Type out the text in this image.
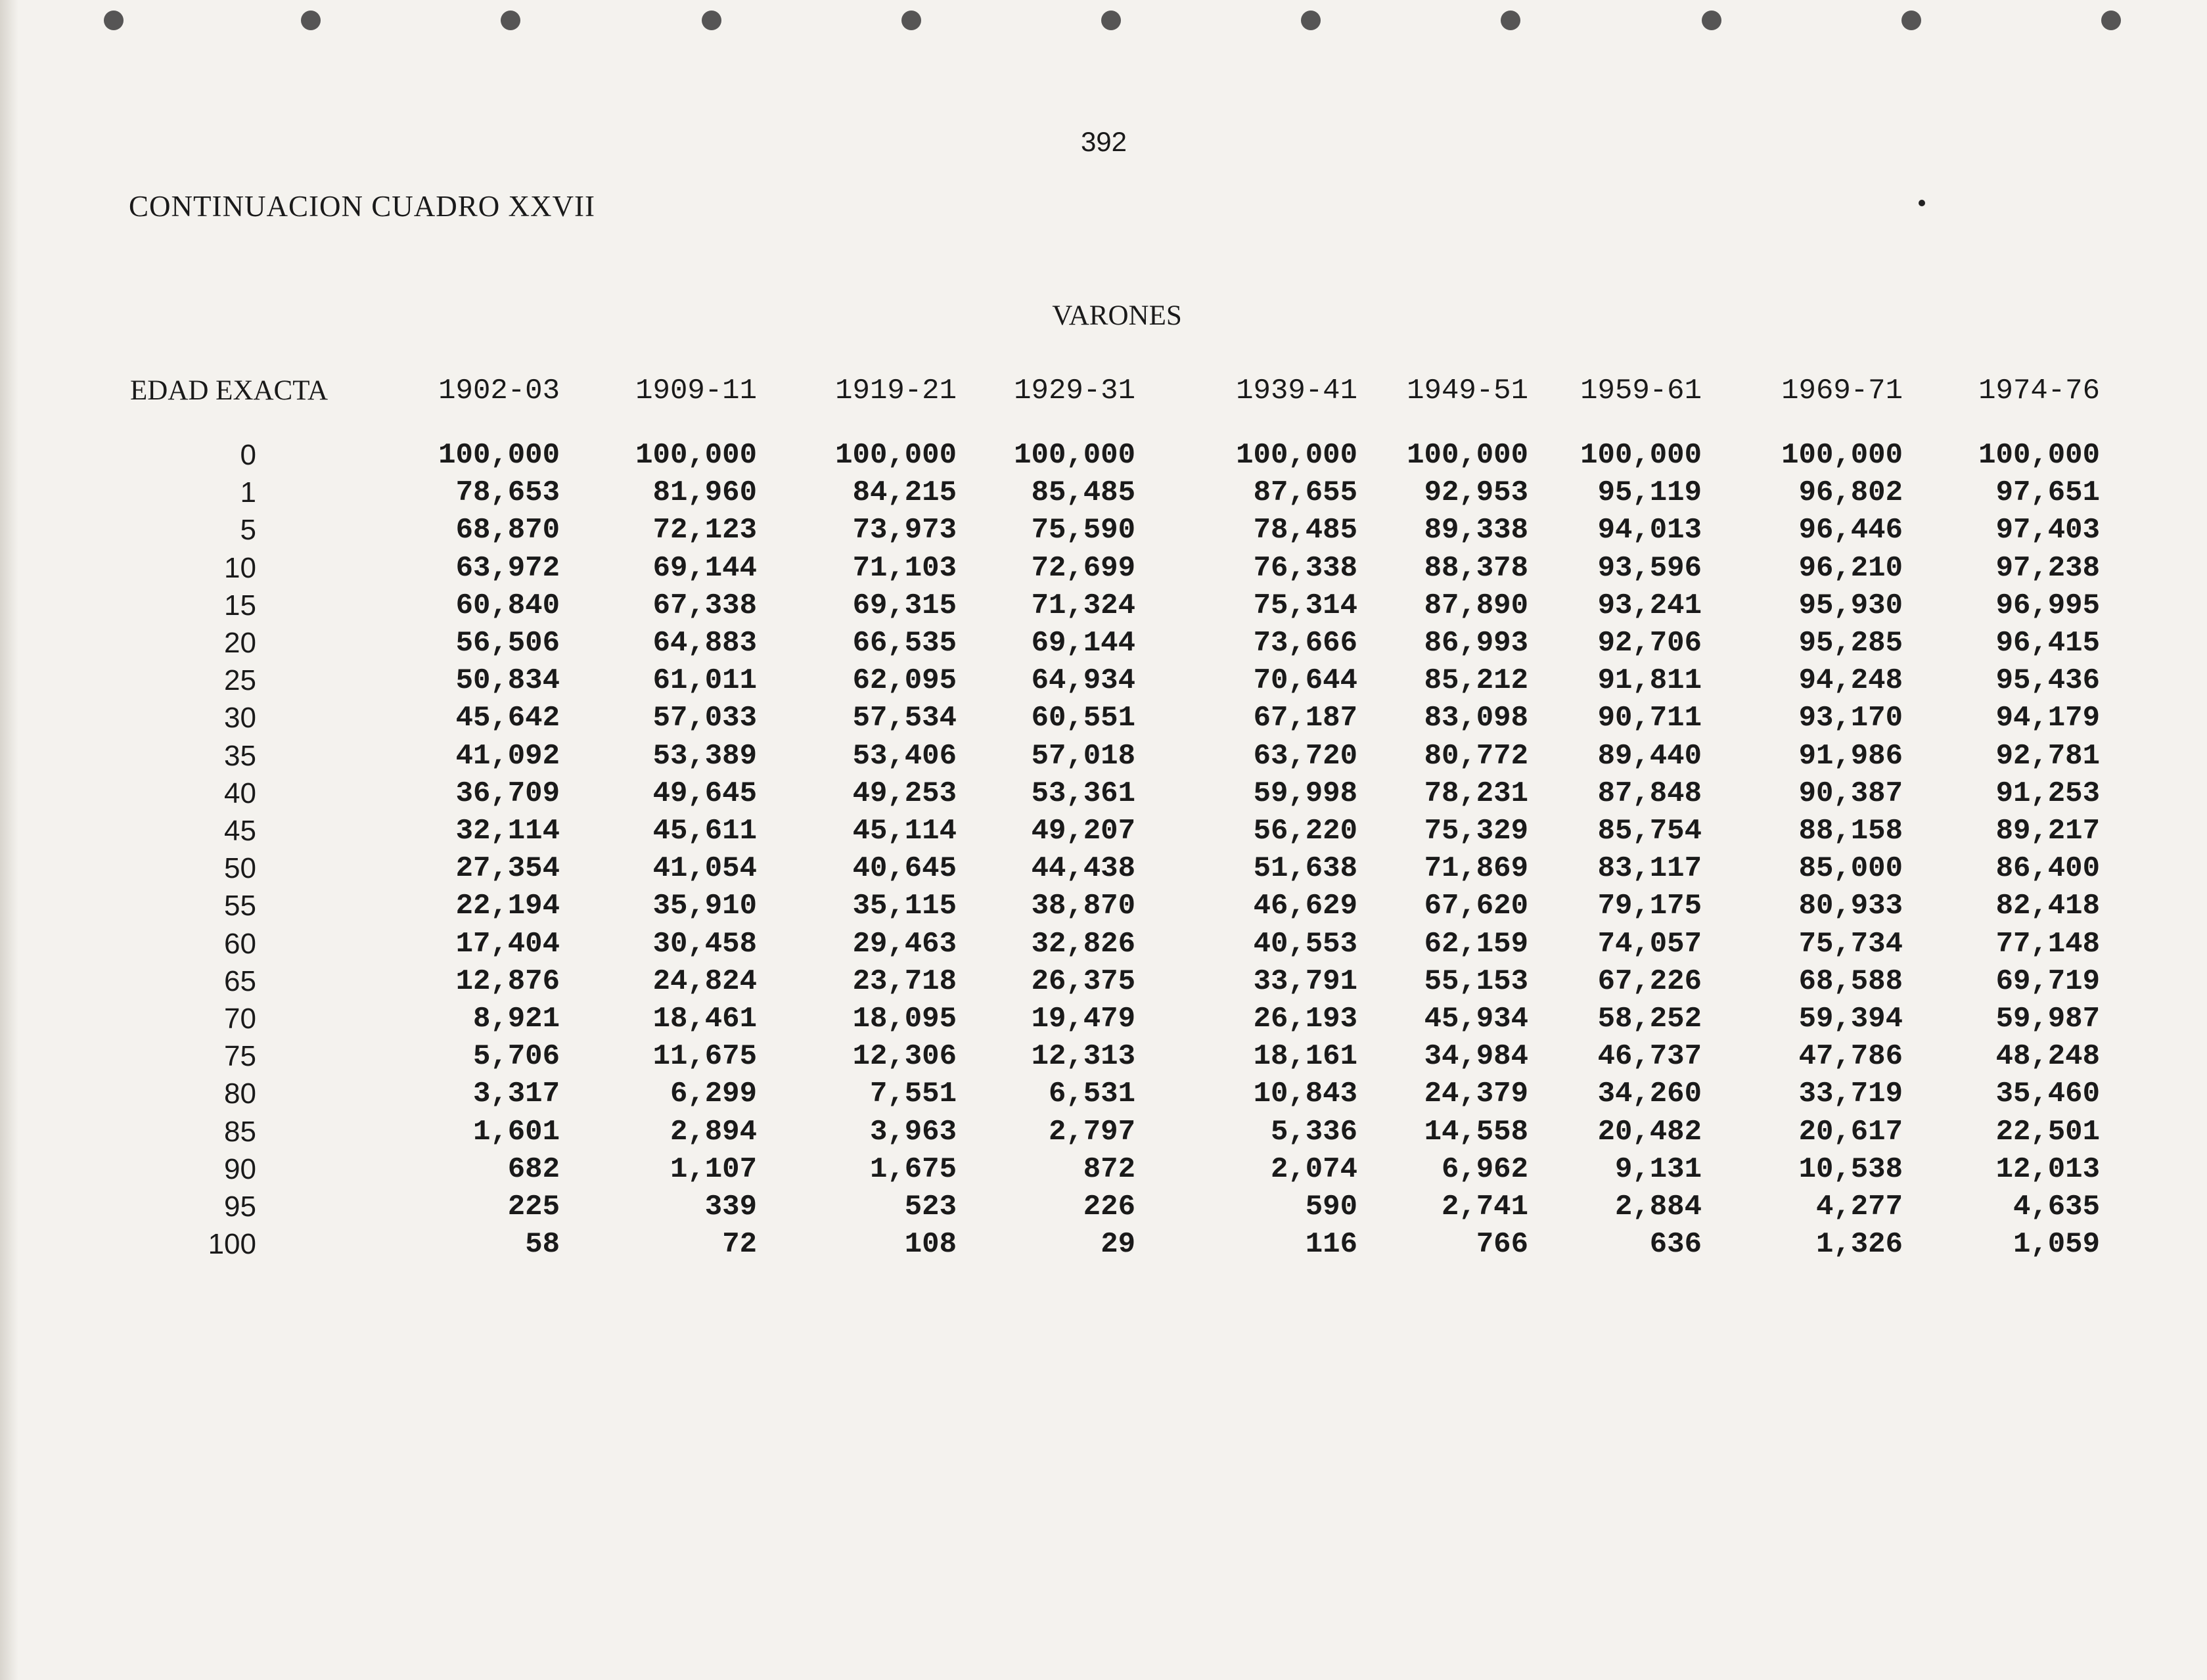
392
CONTINUACION CUADRO XXVII
VARONES
EDAD EXACTA	1902-03	1909-11	1919-21	1929-31	1939-41	1949-51	1959-61	1969-71	1974-76
0	100,000	100,000	100,000	100,000	100,000	100,000	100,000	100,000	100,000
1	78,653	81,960	84,215	85,485	87,655	92,953	95,119	96,802	97,651
5	68,870	72,123	73,973	75,590	78,485	89,338	94,013	96,446	97,403
10	63,972	69,144	71,103	72,699	76,338	88,378	93,596	96,210	97,238
15	60,840	67,338	69,315	71,324	75,314	87,890	93,241	95,930	96,995
20	56,506	64,883	66,535	69,144	73,666	86,993	92,706	95,285	96,415
25	50,834	61,011	62,095	64,934	70,644	85,212	91,811	94,248	95,436
30	45,642	57,033	57,534	60,551	67,187	83,098	90,711	93,170	94,179
35	41,092	53,389	53,406	57,018	63,720	80,772	89,440	91,986	92,781
40	36,709	49,645	49,253	53,361	59,998	78,231	87,848	90,387	91,253
45	32,114	45,611	45,114	49,207	56,220	75,329	85,754	88,158	89,217
50	27,354	41,054	40,645	44,438	51,638	71,869	83,117	85,000	86,400
55	22,194	35,910	35,115	38,870	46,629	67,620	79,175	80,933	82,418
60	17,404	30,458	29,463	32,826	40,553	62,159	74,057	75,734	77,148
65	12,876	24,824	23,718	26,375	33,791	55,153	67,226	68,588	69,719
70	8,921	18,461	18,095	19,479	26,193	45,934	58,252	59,394	59,987
75	5,706	11,675	12,306	12,313	18,161	34,984	46,737	47,786	48,248
80	3,317	6,299	7,551	6,531	10,843	24,379	34,260	33,719	35,460
85	1,601	2,894	3,963	2,797	5,336	14,558	20,482	20,617	22,501
90	682	1,107	1,675	872	2,074	6,962	9,131	10,538	12,013
95	225	339	523	226	590	2,741	2,884	4,277	4,635
100	58	72	108	29	116	766	636	1,326	1,059
